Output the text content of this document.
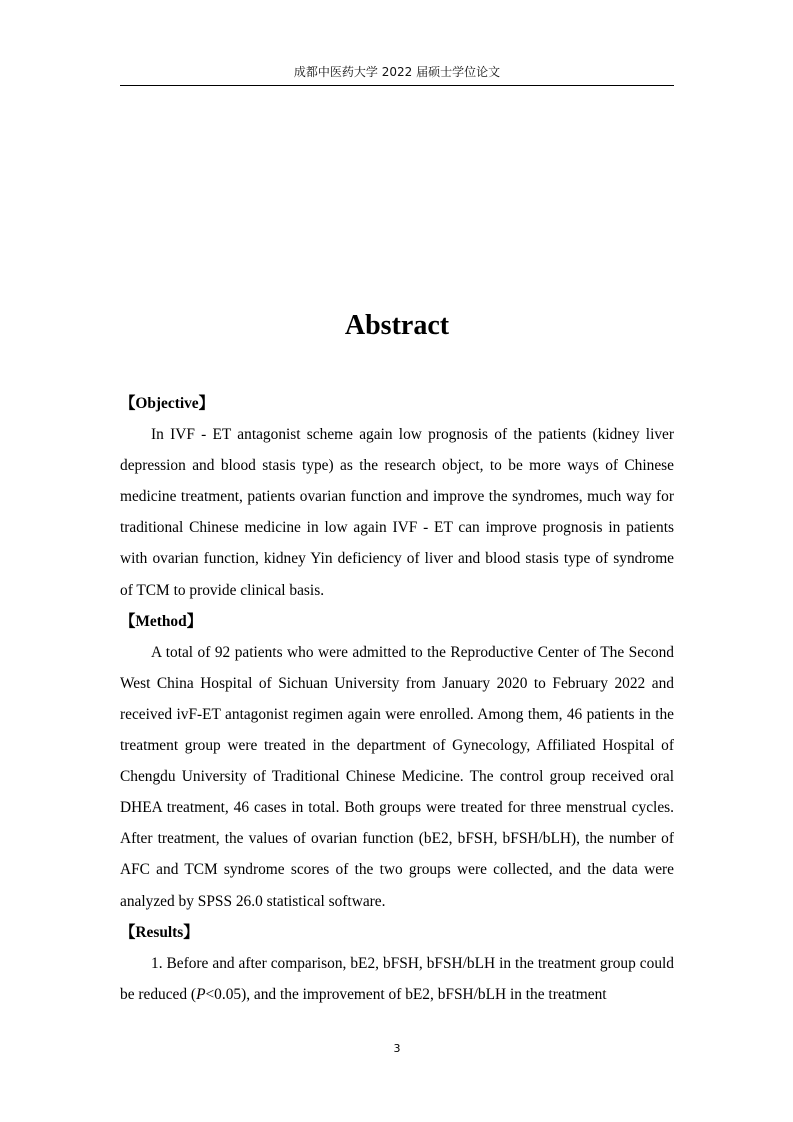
成都中医药大学 2022 届硕士学位论文
Abstract

【Objective】

In IVF - ET antagonist scheme again low prognosis of the patients (kidney liver depression and blood stasis type) as the research object, to be more ways of Chinese medicine treatment, patients ovarian function and improve the syndromes, much way for traditional Chinese medicine in low again IVF - ET can improve prognosis in patients with ovarian function, kidney Yin deficiency of liver and blood stasis type of syndrome of TCM to provide clinical basis.

【Method】

A total of 92 patients who were admitted to the Reproductive Center of The Second West China Hospital of Sichuan University from January 2020 to February 2022 and received ivF-ET antagonist regimen again were enrolled. Among them, 46 patients in the treatment group were treated in the department of Gynecology, Affiliated Hospital of Chengdu University of Traditional Chinese Medicine. The control group received oral DHEA treatment, 46 cases in total. Both groups were treated for three menstrual cycles. After treatment, the values of ovarian function (bE2, bFSH, bFSH/bLH), the number of AFC and TCM syndrome scores of the two groups were collected, and the data were analyzed by SPSS 26.0 statistical software.

【Results】

1. Before and after comparison, bE2, bFSH, bFSH/bLH in the treatment group could be reduced (P<0.05), and the improvement of bE2, bFSH/bLH in the treatment

3
